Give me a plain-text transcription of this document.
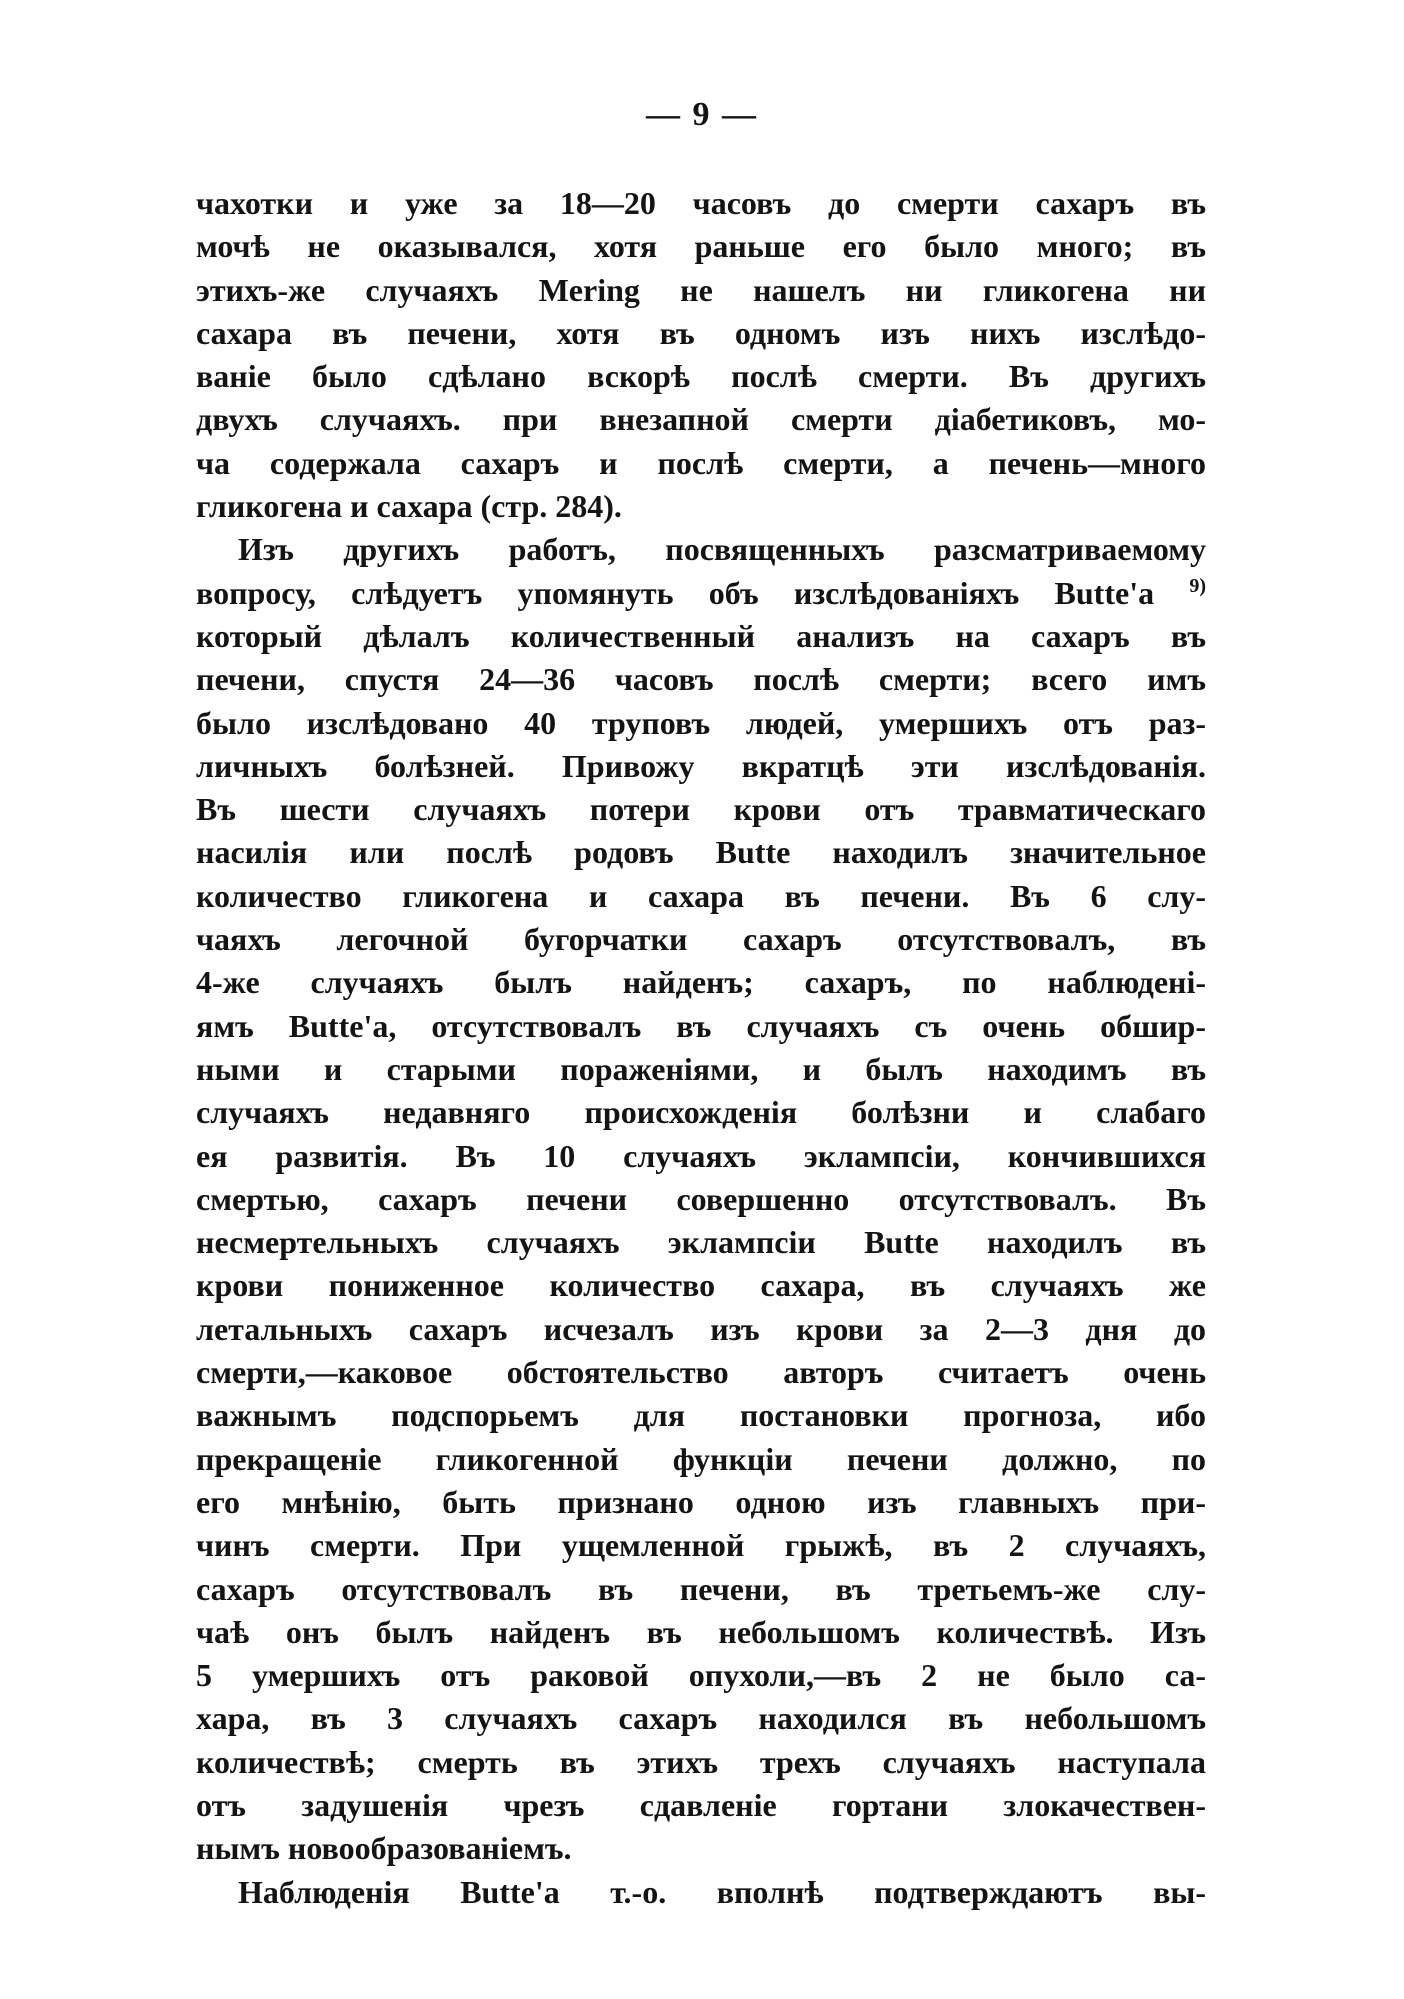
— 9 —
чахотки и уже за 18—20 часовъ до смерти сахаръ въ
мочѣ не оказывался, хотя раньше его было много; въ
этихъ-же случаяхъ Mering не нашелъ ни гликогена ни
сахара въ печени, хотя въ одномъ изъ нихъ изслѣдо-
ваніе было сдѣлано вскорѣ послѣ смерти. Въ другихъ
двухъ случаяхъ. при внезапной смерти діабетиковъ, мо-
ча содержала сахаръ и послѣ смерти, а печень—много
гликогена и сахара (стр. 284).
Изъ другихъ работъ, посвященныхъ разсматриваемому
вопросу, слѣдуетъ упомянуть объ изслѣдованіяхъ Butte'a $^{9)}$
который дѣлалъ количественный анализъ на сахаръ въ
печени, спустя 24—36 часовъ послѣ смерти; всего имъ
было изслѣдовано 40 труповъ людей, умершихъ отъ раз-
личныхъ болѣзней. Привожу вкратцѣ эти изслѣдованія.
Въ шести случаяхъ потери крови отъ травматическаго
насилія или послѣ родовъ Butte находилъ значительное
количество гликогена и сахара въ печени. Въ 6 слу-
чаяхъ легочной бугорчатки сахаръ отсутствовалъ, въ
4-же случаяхъ былъ найденъ; сахаръ, по наблюдені-
ямъ Butte'a, отсутствовалъ въ случаяхъ съ очень обшир-
ными и старыми пораженіями, и былъ находимъ въ
случаяхъ недавняго происхожденія болѣзни и слабаго
ея развитія. Въ 10 случаяхъ эклампсіи, кончившихся
смертью, сахаръ печени совершенно отсутствовалъ. Въ
несмертельныхъ случаяхъ эклампсіи Butte находилъ въ
крови пониженное количество сахара, въ случаяхъ же
летальныхъ сахаръ исчезалъ изъ крови за 2—3 дня до
смерти,—каковое обстоятельство авторъ считаетъ очень
важнымъ подспорьемъ для постановки прогноза, ибо
прекращеніе гликогенной функціи печени должно, по
его мнѣнію, быть признано одною изъ главныхъ при-
чинъ смерти. При ущемленной грыжѣ, въ 2 случаяхъ,
сахаръ отсутствовалъ въ печени, въ третьемъ-же слу-
чаѣ онъ былъ найденъ въ небольшомъ количествѣ. Изъ
5 умершихъ отъ раковой опухоли,—въ 2 не было са-
хара, въ 3 случаяхъ сахаръ находился въ небольшомъ
количествѣ; смерть въ этихъ трехъ случаяхъ наступала
отъ задушенія чрезъ сдавленіе гортани злокачествен-
нымъ новообразованіемъ.
Наблюденія Butte'a т.-о. вполнѣ подтверждаютъ вы-
